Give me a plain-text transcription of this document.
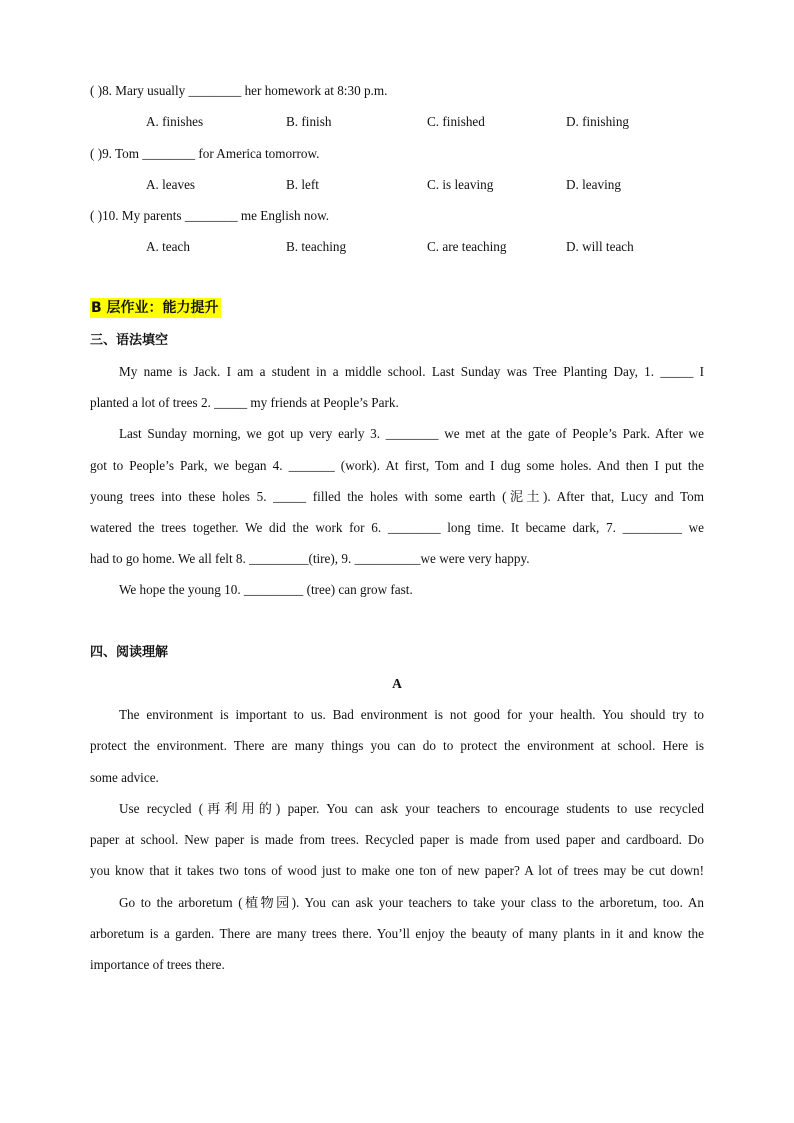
( )8. Mary usually ________ her homework at 8:30 p.m.
A. finishes	B. finish	C. finished	D. finishing
( )9. Tom ________ for America tomorrow.
A. leaves	B. left	C. is leaving	D. leaving
( )10. My parents ________ me English now.
A. teach	B. teaching	C. are teaching	D. will teach
B 层作业：能力提升
三、语法填空
My name is Jack. I am a student in a middle school. Last Sunday was Tree Planting Day, 1. _____ I
planted a lot of trees 2. _____ my friends at People’s Park.
Last Sunday morning, we got up very early 3. ________ we met at the gate of People’s Park. After we
got to People’s Park, we began 4. _______ (work). At first, Tom and I dug some holes. And then I put the
young trees into these holes 5. _____ filled the holes with some earth (泥土). After that, Lucy and Tom
watered the trees together. We did the work for 6. ________ long time. It became dark, 7. _________ we
had to go home. We all felt 8. _________(tire), 9. __________we were very happy.
We hope the young 10. _________ (tree) can grow fast.
四、阅读理解
A
The environment is important to us. Bad environment is not good for your health. You should try to
protect the environment. There are many things you can do to protect the environment at school. Here is
some advice.
Use recycled (再利用的) paper. You can ask your teachers to encourage students to use recycled
paper at school. New paper is made from trees. Recycled paper is made from used paper and cardboard. Do
you know that it takes two tons of wood just to make one ton of new paper? A lot of trees may be cut down!
Go to the arboretum (植物园). You can ask your teachers to take your class to the arboretum, too. An
arboretum is a garden. There are many trees there. You’ll enjoy the beauty of many plants in it and know the
importance of trees there.
